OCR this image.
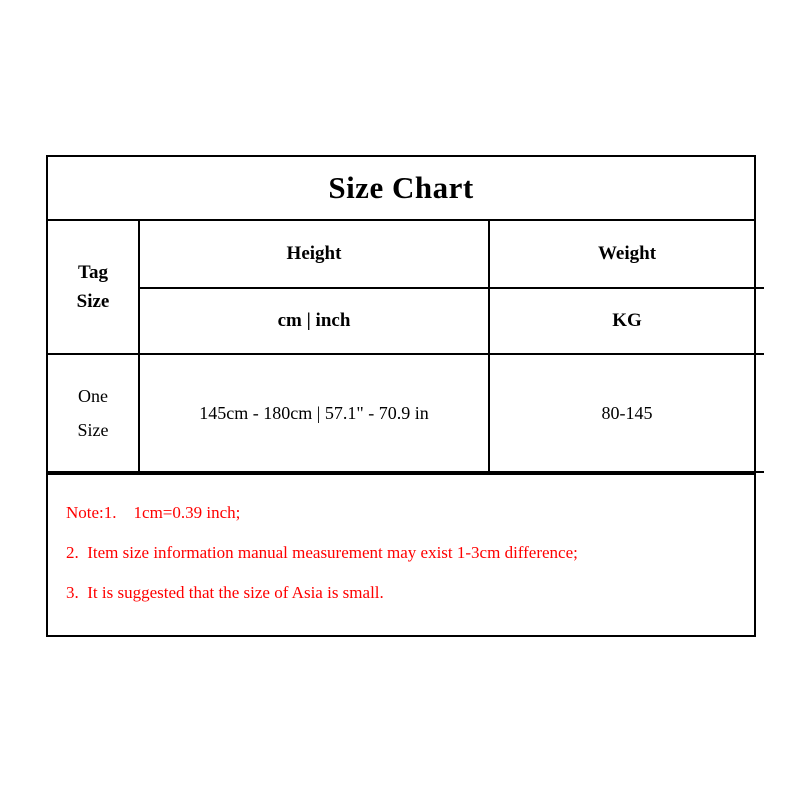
Size Chart
Tag
Size	Height	Weight
	cm | inch	KG

One
Size	145cm - 180cm | 57.1" - 70.9 in	80-145
Note:1.    1cm=0.39 inch;
2.  Item size information manual measurement may exist 1-3cm difference;
3.  It is suggested that the size of Asia is small.
